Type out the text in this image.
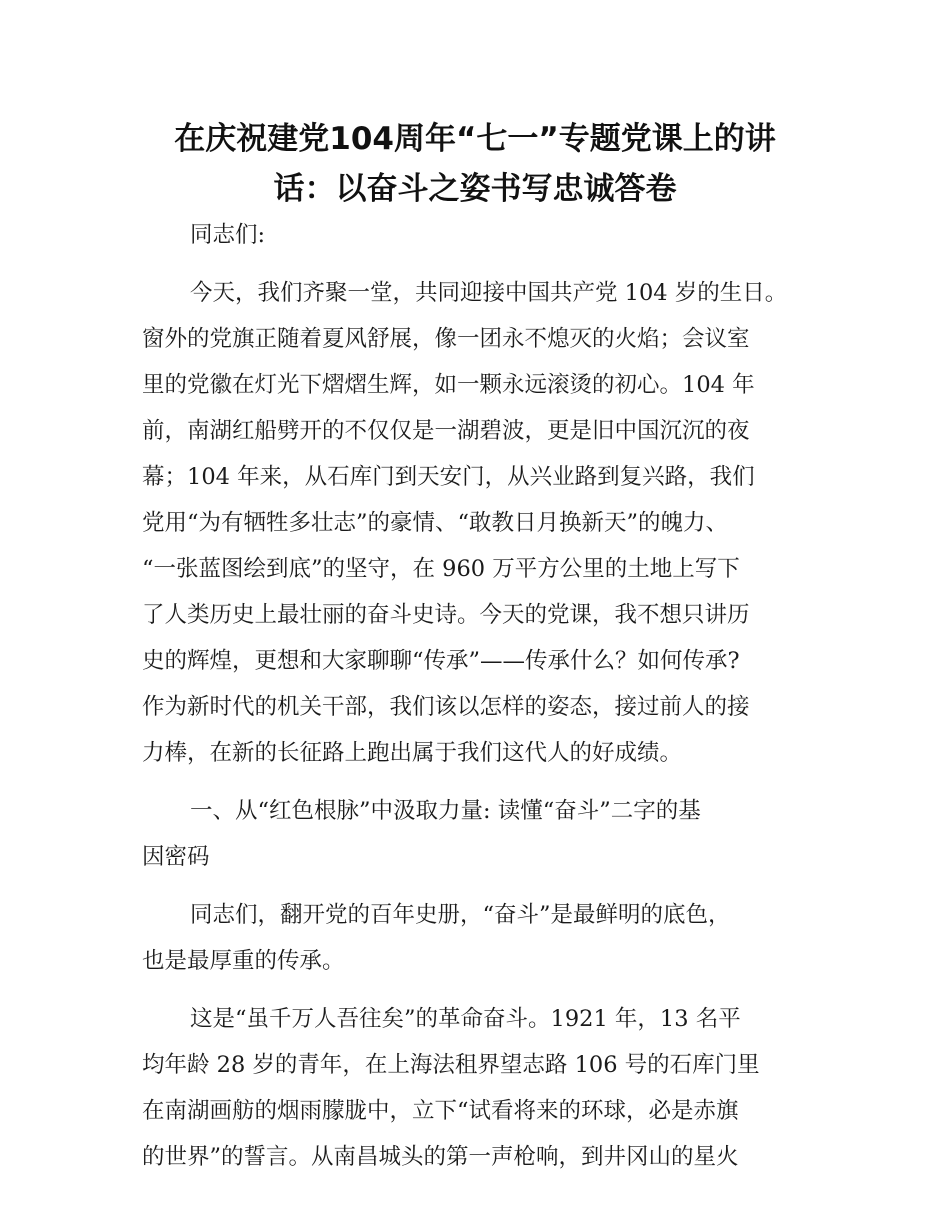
在庆祝建党104周年“七一”专题党课上的讲
话：以奋斗之姿书写忠诚答卷
同志们:
今天，我们齐聚一堂，共同迎接中国共产党 104 岁的生日。
窗外的党旗正随着夏风舒展，像一团永不熄灭的火焰；会议室
里的党徽在灯光下熠熠生辉，如一颗永远滚烫的初心。104 年
前，南湖红船劈开的不仅仅是一湖碧波，更是旧中国沉沉的夜
幕；104 年来，从石库门到天安门，从兴业路到复兴路，我们
党用“为有牺牲多壮志”的豪情、“敢教日月换新天”的魄力、
“一张蓝图绘到底”的坚守，在 960 万平方公里的土地上写下
了人类历史上最壮丽的奋斗史诗。今天的党课，我不想只讲历
史的辉煌，更想和大家聊聊“传承”——传承什么？如何传承?
作为新时代的机关干部，我们该以怎样的姿态，接过前人的接
力棒，在新的长征路上跑出属于我们这代人的好成绩。
一、从“红色根脉”中汲取力量: 读懂“奋斗”二字的基
因密码
同志们，翻开党的百年史册，“奋斗”是最鲜明的底色，
也是最厚重的传承。
这是“虽千万人吾往矣”的革命奋斗。1921 年，13 名平
均年龄 28 岁的青年，在上海法租界望志路 106 号的石库门里
在南湖画舫的烟雨朦胧中，立下“试看将来的环球，必是赤旗
的世界”的誓言。从南昌城头的第一声枪响，到井冈山的星火
